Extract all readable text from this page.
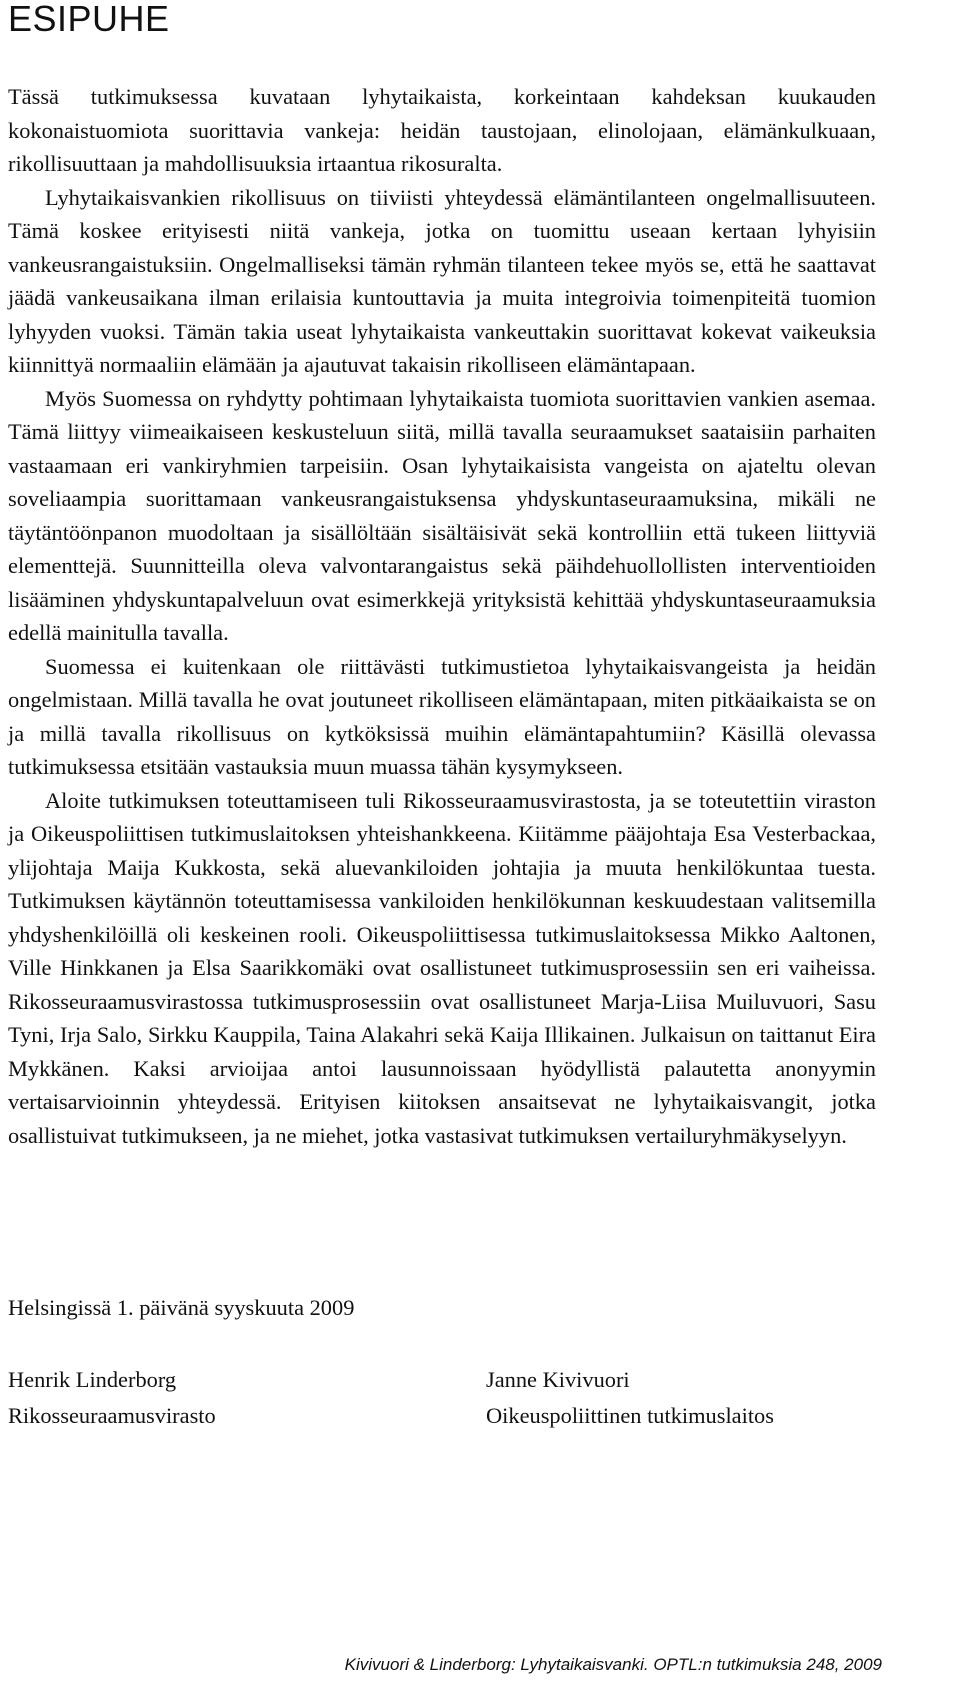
ESIPUHE

Tässä tutkimuksessa kuvataan lyhytaikaista, korkeintaan kahdeksan kuukauden kokonaistuomiota suorittavia vankeja: heidän taustojaan, elinolojaan, elämänkulkuaan, rikollisuuttaan ja mahdollisuuksia irtaantua rikosuralta.

Lyhytaikaisvankien rikollisuus on tiiviisti yhteydessä elämäntilanteen ongelmallisuuteen. Tämä koskee erityisesti niitä vankeja, jotka on tuomittu useaan kertaan lyhyisiin vankeusrangaistuksiin. Ongelmalliseksi tämän ryhmän tilanteen tekee myös se, että he saattavat jäädä vankeusaikana ilman erilaisia kuntouttavia ja muita integroivia toimenpiteitä tuomion lyhyyden vuoksi. Tämän takia useat lyhytaikaista vankeuttakin suorittavat kokevat vaikeuksia kiinnittyä normaaliin elämään ja ajautuvat takaisin rikolliseen elämäntapaan.

Myös Suomessa on ryhdytty pohtimaan lyhytaikaista tuomiota suorittavien vankien asemaa. Tämä liittyy viimeaikaiseen keskusteluun siitä, millä tavalla seuraamukset saataisiin parhaiten vastaamaan eri vankiryhmien tarpeisiin. Osan lyhytaikaisista vangeista on ajateltu olevan soveliaampia suorittamaan vankeusrangaistuksensa yhdyskuntaseuraamuksina, mikäli ne täytäntöönpanon muodoltaan ja sisällöltään sisältäisivät sekä kontrolliin että tukeen liittyviä elementtejä. Suunnitteilla oleva valvontarangaistus sekä päihdehuollollisten interventioiden lisääminen yhdyskuntapalveluun ovat esimerkkejä yrityksistä kehittää yhdyskuntaseuraamuksia edellä mainitulla tavalla.

Suomessa ei kuitenkaan ole riittävästi tutkimustietoa lyhytaikaisvangeista ja heidän ongelmistaan. Millä tavalla he ovat joutuneet rikolliseen elämäntapaan, miten pitkäaikaista se on ja millä tavalla rikollisuus on kytköksissä muihin elämäntapahtumiin? Käsillä olevassa tutkimuksessa etsitään vastauksia muun muassa tähän kysymykseen.

Aloite tutkimuksen toteuttamiseen tuli Rikosseuraamusvirastosta, ja se toteutettiin viraston ja Oikeuspoliittisen tutkimuslaitoksen yhteishankkeena. Kiitämme pääjohtaja Esa Vesterbackaa, ylijohtaja Maija Kukkosta, sekä aluevankiloiden johtajia ja muuta henkilökuntaa tuesta. Tutkimuksen käytännön toteuttamisessa vankiloiden henkilökunnan keskuudestaan valitsemilla yhdyshenkilöillä oli keskeinen rooli. Oikeuspoliittisessa tutkimuslaitoksessa Mikko Aaltonen, Ville Hinkkanen ja Elsa Saarikkomäki ovat osallistuneet tutkimusprosessiin sen eri vaiheissa. Rikosseuraamusvirastossa tutkimusprosessiin ovat osallistuneet Marja-Liisa Muiluvuori, Sasu Tyni, Irja Salo, Sirkku Kauppila, Taina Alakahri sekä Kaija Illikainen. Julkaisun on taittanut Eira Mykkänen. Kaksi arvioijaa antoi lausunnoissaan hyödyllistä palautetta anonyymin vertaisarvioinnin yhteydessä. Erityisen kiitoksen ansaitsevat ne lyhytaikaisvangit, jotka osallistuivat tutkimukseen, ja ne miehet, jotka vastasivat tutkimuksen vertailuryhmäkyselyyn.

Helsingissä 1. päivänä syyskuuta 2009
Henrik Linderborg
Rikosseuraamusvirasto
Janne Kivivuori
Oikeuspoliittinen tutkimuslaitos
Kivivuori & Linderborg: Lyhytaikaisvanki. OPTL:n tutkimuksia 248, 2009
